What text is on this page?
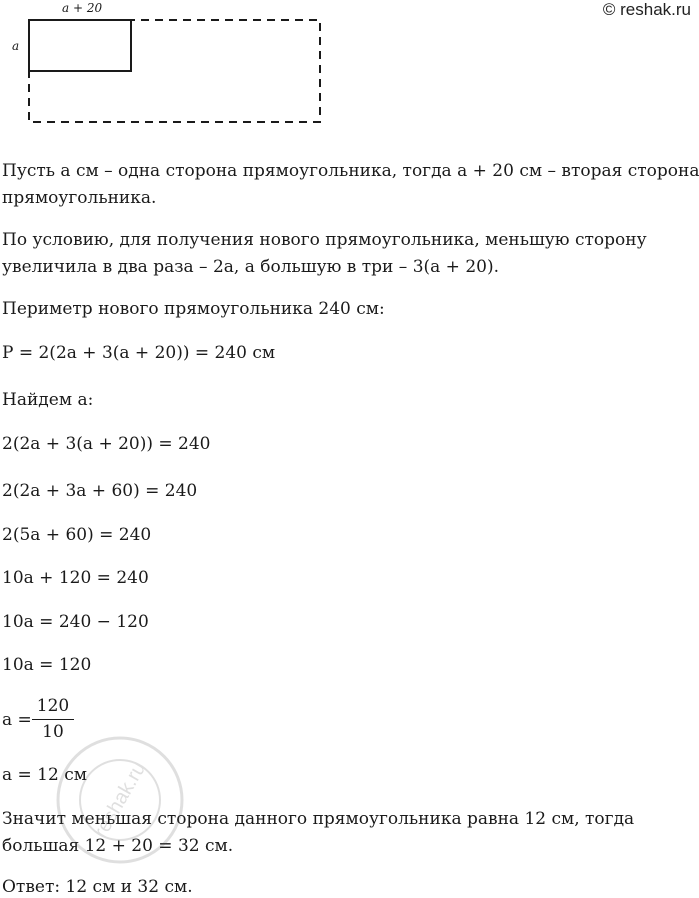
© reshak.ru
a + 20
a
Пусть a см – одна сторона прямоугольника, тогда a + 20 см – вторая сторона
прямоугольника.
По условию, для получения нового прямоугольника, меньшую сторону
увеличила в два раза – 2a, а большую в три – 3(a + 20).
Периметр нового прямоугольника 240 см:
P = 2(2a + 3(a + 20)) = 240 см
Найдем a:
2(2a + 3(a + 20)) = 240
2(2a + 3a + 60) = 240
2(5a + 60) = 240
10a + 120 = 240
10a = 240 − 120
10a = 120
a =
120
10
a = 12 см
Значит меньшая сторона данного прямоугольника равна 12 см, тогда
большая 12 + 20 = 32 см.
Ответ: 12 см и 32 см.
reshak.ru
